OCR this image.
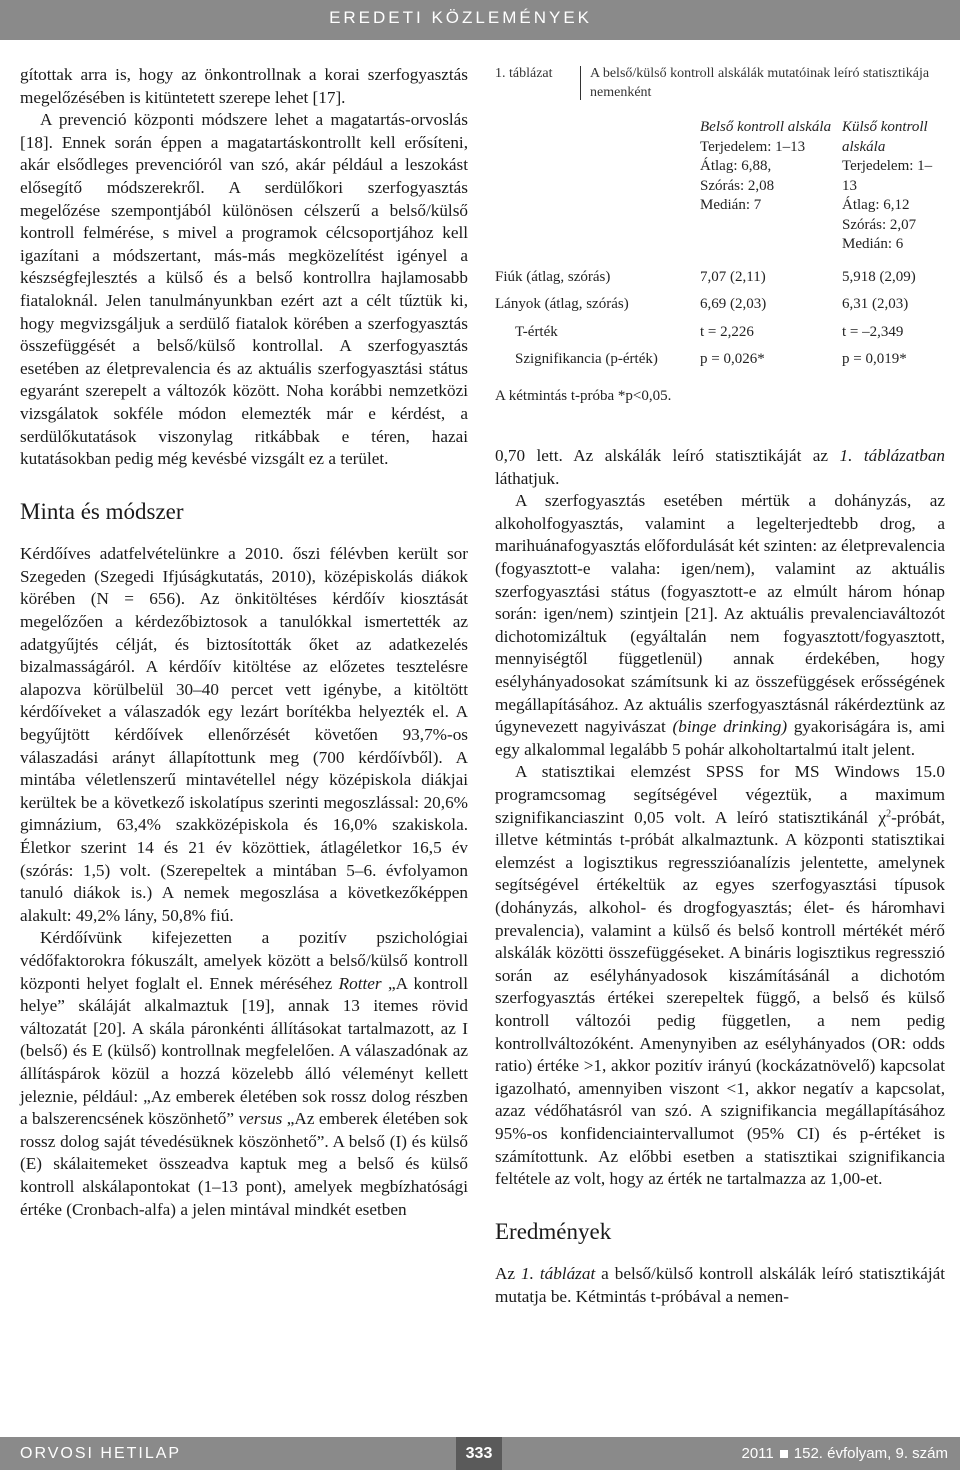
EREDETI KÖZLEMÉNYEK

gítottak arra is, hogy az önkontrollnak a korai szerfogyasztás megelőzésében is kitüntetett szerepe lehet [17].

A prevenció központi módszere lehet a magatartás-orvoslás [18]. Ennek során éppen a magatartáskontrollt kell erősíteni, akár elsődleges prevencióról van szó, akár például a leszokást elősegítő módszerekről. A serdülőkori szerfogyasztás megelőzése szempontjából különösen célszerű a belső/külső kontroll felmérése, s mivel a programok célcsoportjához kell igazítani a módszertant, más-más megközelítést igényel a készségfejlesztés a külső és a belső kontrollra hajlamosabb fiataloknál. Jelen tanulmányunkban ezért azt a célt tűztük ki, hogy megvizsgáljuk a serdülő fiatalok körében a szerfogyasztás összefüggését a belső/külső kontrollal. A szerfogyasztás esetében az életprevalencia és az aktuális szerfogyasztási státus egyaránt szerepelt a változók között. Noha korábbi nemzetközi vizsgálatok sokféle módon elemezték már e kérdést, a serdülőkutatások viszonylag ritkábbak e téren, hazai kutatásokban pedig még kevésbé vizsgált ez a terület.

Minta és módszer

Kérdőíves adatfelvételünkre a 2010. őszi félévben került sor Szegeden (Szegedi Ifjúságkutatás, 2010), középiskolás diákok körében (N = 656). Az önkitöltéses kérdőív kiosztását megelőzően a kérdezőbiztosok a tanulókkal ismertették az adatgyűjtés célját, és biztosították őket az adatkezelés bizalmasságáról. A kérdőív kitöltése az előzetes tesztelésre alapozva körülbelül 30–40 percet vett igénybe, a kitöltött kérdőíveket a válaszadók egy lezárt borítékba helyezték el. A begyűjtött kérdőívek ellenőrzését követően 93,7%-os válaszadási arányt állapítottunk meg (700 kérdőívből). A mintába véletlenszerű mintavétellel négy középiskola diákjai kerültek be a következő iskolatípus szerinti megoszlással: 20,6% gimnázium, 63,4% szakközépiskola és 16,0% szakiskola. Életkor szerint 14 és 21 év közöttiek, átlagéletkor 16,5 év (szórás: 1,5) volt. (Szerepeltek a mintában 5–6. évfolyamon tanuló diákok is.) A nemek megoszlása a következőképpen alakult: 49,2% lány, 50,8% fiú.

Kérdőívünk kifejezetten a pozitív pszichológiai védőfaktorokra fókuszált, amelyek között a belső/külső kontroll központi helyet foglalt el. Ennek méréséhez Rotter „A kontroll helye” skáláját alkalmaztuk [19], annak 13 itemes rövid változatát [20]. A skála páronkénti állításokat tartalmazott, az I (belső) és E (külső) kontrollnak megfelelően. A válaszadónak az állításpárok közül a hozzá közelebb álló véleményt kellett jeleznie, például: „Az emberek életében sok rossz dolog részben a balszerencsének köszönhető” versus „Az emberek életében sok rossz dolog saját tévedésüknek köszönhető”. A belső (I) és külső (E) skálaitemeket összeadva kaptuk meg a belső és külső kontroll alskálapontokat (1–13 pont), amelyek megbízhatósági értéke (Cronbach-alfa) a jelen mintával mindkét esetben

1. táblázat	A belső/külső kontroll alskálák mutatóinak leíró statisztikája nemenként
	Belső kontroll alskála
Terjedelem: 1–13
Átlag: 6,88,
Szórás: 2,08
Medián: 7	Külső kontroll alskála
Terjedelem: 1–13
Átlag: 6,12
Szórás: 2,07
Medián: 6
Fiúk (átlag, szórás)	7,07 (2,11)	5,918 (2,09)
Lányok (átlag, szórás)	6,69 (2,03)	6,31 (2,03)
T-érték	t = 2,226	t = –2,349
Szignifikancia (p-érték)	p = 0,026*	p = 0,019*
A kétmintás t-próba *p<0,05.

0,70 lett. Az alskálák leíró statisztikáját az 1. táblázatban láthatjuk.

A szerfogyasztás esetében mértük a dohányzás, az alkoholfogyasztás, valamint a legelterjedtebb drog, a marihuánafogyasztás előfordulását két szinten: az életprevalencia (fogyasztott-e valaha: igen/nem), valamint az aktuális szerfogyasztási státus (fogyasztott-e az elmúlt három hónap során: igen/nem) szintjein [21]. Az aktuális prevalenciaváltozót dichotomizáltuk (egyáltalán nem fogyasztott/fogyasztott, mennyiségtől függetlenül) annak érdekében, hogy esélyhányadosokat számítsunk ki az összefüggések erősségének megállapításához. Az aktuális szerfogyasztásnál rákérdeztünk az úgynevezett nagyivászat (binge drinking) gyakoriságára is, ami egy alkalommal legalább 5 pohár alkoholtartalmú italt jelent.

A statisztikai elemzést SPSS for MS Windows 15.0 programcsomag segítségével végeztük, a maximum szignifikanciaszint 0,05 volt. A leíró statisztikánál $\chi^2$-próbát, illetve kétmintás t-próbát alkalmaztunk. A központi statisztikai elemzést a logisztikus regresszióanalízis jelentette, amelynek segítségével értékeltük az egyes szerfogyasztási típusok (dohányzás, alkohol- és drogfogyasztás; élet- és háromhavi prevalencia), valamint a külső és belső kontroll mértékét mérő alskálák közötti összefüggéseket. A bináris logisztikus regresszió során az esélyhányadosok kiszámításánál a dichotóm szerfogyasztás értékei szerepeltek függő, a belső és külső kontroll változói pedig független, a nem pedig kontrollváltozóként. Amenynyiben az esélyhányados (OR: odds ratio) értéke >1, akkor pozitív irányú (kockázatnövelő) kapcsolat igazolható, amennyiben viszont <1, akkor negatív a kapcsolat, azaz védőhatásról van szó. A szignifikancia megállapításához 95%-os konfidenciaintervallumot (95% CI) és p-értéket is számítottunk. Az előbbi esetben a statisztikai szignifikancia feltétele az volt, hogy az érték ne tartalmazza az 1,00-et.

Eredmények

Az 1. táblázat a belső/külső kontroll alskálák leíró statisztikáját mutatja be. Kétmintás t-próbával a nemen-

ORVOSI HETILAP	333	2011 152. évfolyam, 9. szám
